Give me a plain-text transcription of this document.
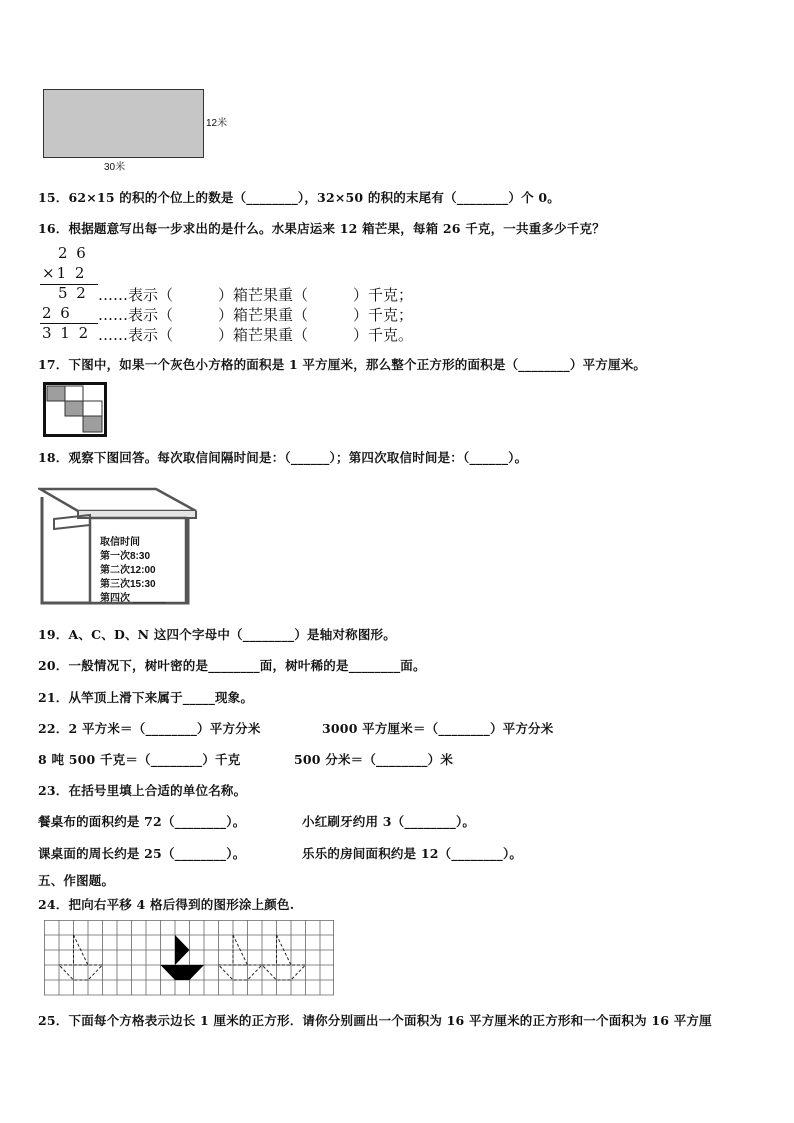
12米
30米
15．62×15 的积的个位上的数是（________），32×50 的积的末尾有（________）个 0。
16．根据题意写出每一步求出的是什么。水果店运来 12 箱芒果，每箱 26 千克，一共重多少千克？
2 6
×1 2
5 2 ……表示（　　　）箱芒果重（　　　）千克；
2 6 ……表示（　　　）箱芒果重（　　　）千克；
3 1 2 ……表示（　　　）箱芒果重（　　　）千克。
17．下图中，如果一个灰色小方格的面积是 1 平方厘米，那么整个正方形的面积是（________）平方厘米。
18．观察下图回答。每次取信间隔时间是：（______）；第四次取信时间是：（______）。
取信时间
第一次8:30
第二次12:00
第三次15:30
第四次 ______
19．A、C、D、N 这四个字母中（________）是轴对称图形。
20．一般情况下，树叶密的是________面，树叶稀的是________面。
21．从竿顶上滑下来属于_____现象。
22．2 平方米＝（________）平方分米	3000 平方厘米＝（________）平方分米
8 吨 500 千克＝（________）千克	500 分米＝（________）米
23．在括号里填上合适的单位名称。
餐桌布的面积约是 72（________）。	小红刷牙约用 3（________）。
课桌面的周长约是 25（________）。	乐乐的房间面积约是 12（________）。
五、作图题。
24．把向右平移 4 格后得到的图形涂上颜色.
25．下面每个方格表示边长 1 厘米的正方形．请你分别画出一个面积为 16 平方厘米的正方形和一个面积为 16 平方厘
